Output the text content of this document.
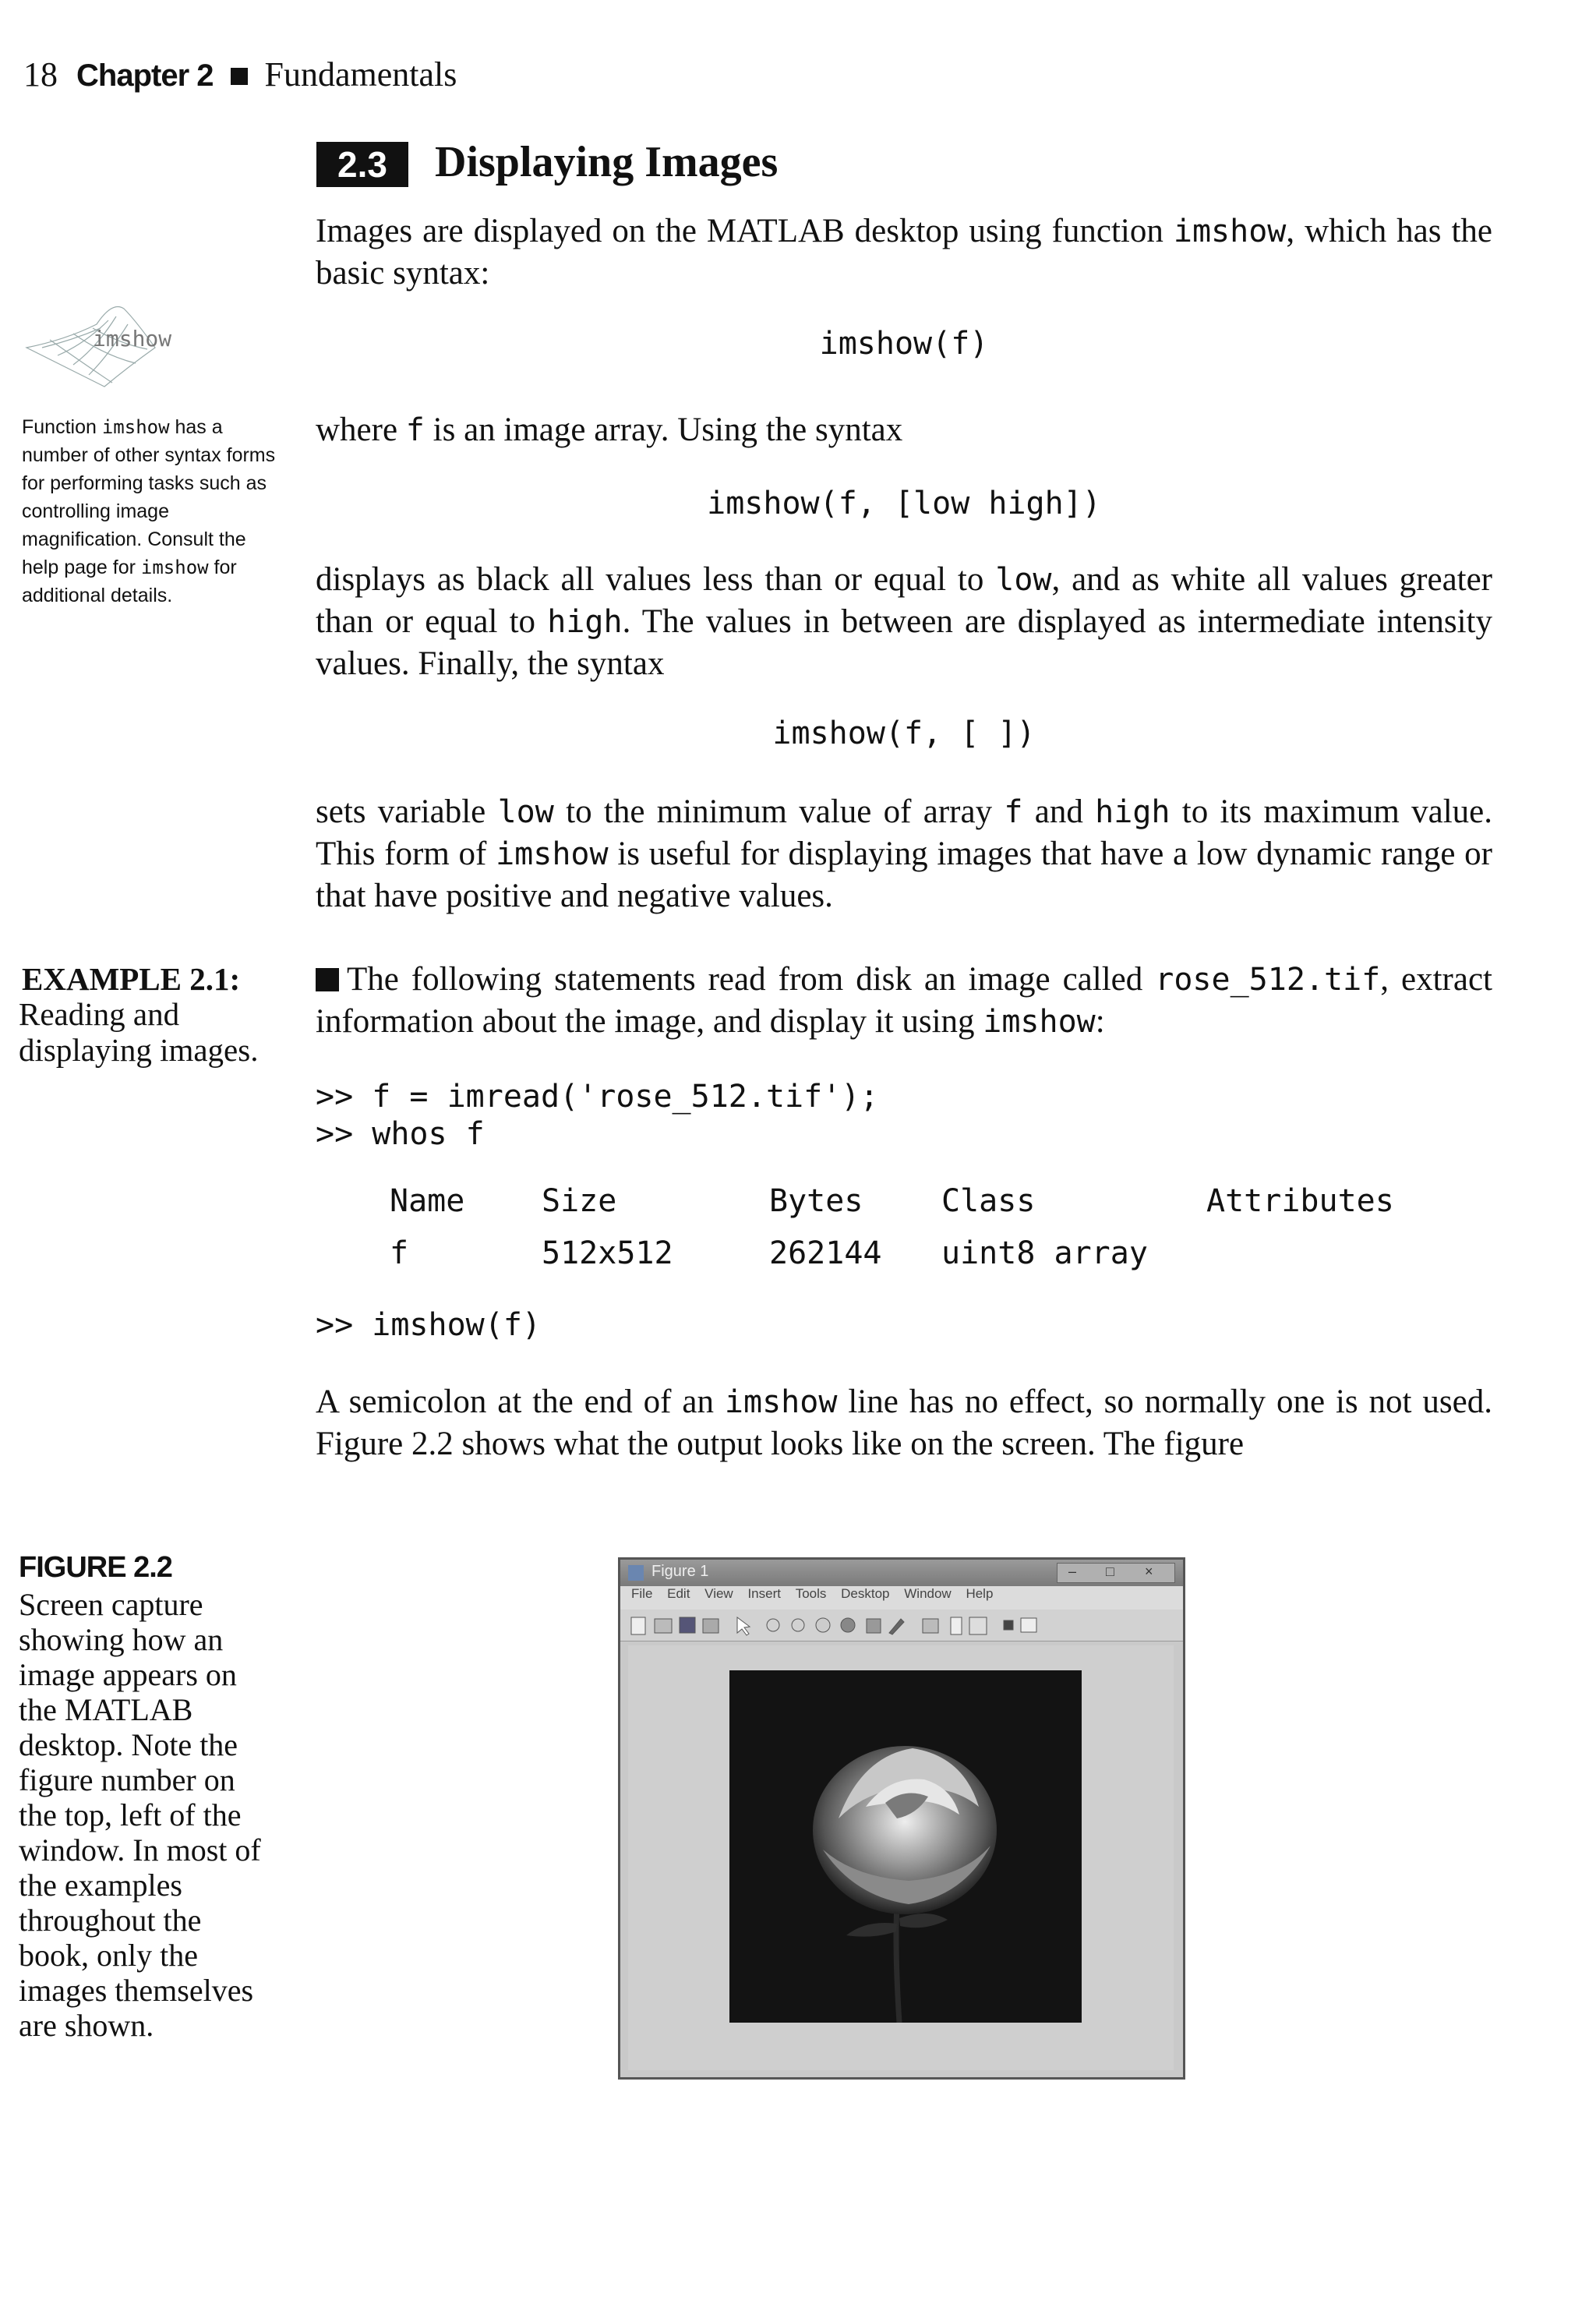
18 Chapter 2 Fundamentals
2.3	Displaying Images
Images are displayed on the MATLAB desktop using function imshow, which has the basic syntax:
imshow(f)
imshow
Function imshow has a number of other syntax forms for performing tasks such as controlling image magnification. Consult the help page for imshow for additional details.
where f is an image array. Using the syntax
imshow(f, [low high])
displays as black all values less than or equal to low, and as white all values greater than or equal to high. The values in between are displayed as intermediate intensity values. Finally, the syntax
imshow(f, [ ])
sets variable low to the minimum value of array f and high to its maximum value. This form of imshow is useful for displaying images that have a low dynamic range or that have positive and negative values.
EXAMPLE 2.1:
Reading and displaying images.
The following statements read from disk an image called rose_512.tif, extract information about the image, and display it using imshow:
>> f = imread('rose_512.tif');
>> whos f
Name Size	Bytes	Class	Attributes
f	512x512	262144 uint8 array
>> imshow(f)
A semicolon at the end of an imshow line has no effect, so normally one is not used. Figure 2.2 shows what the output looks like on the screen. The figure
FIGURE 2.2
Screen capture showing how an image appears on the MATLAB desktop. Note the figure number on the top, left of the window. In most of the examples throughout the book, only the images themselves are shown.
Figure 1	– □ ×
File Edit View Insert Tools Desktop Window Help
